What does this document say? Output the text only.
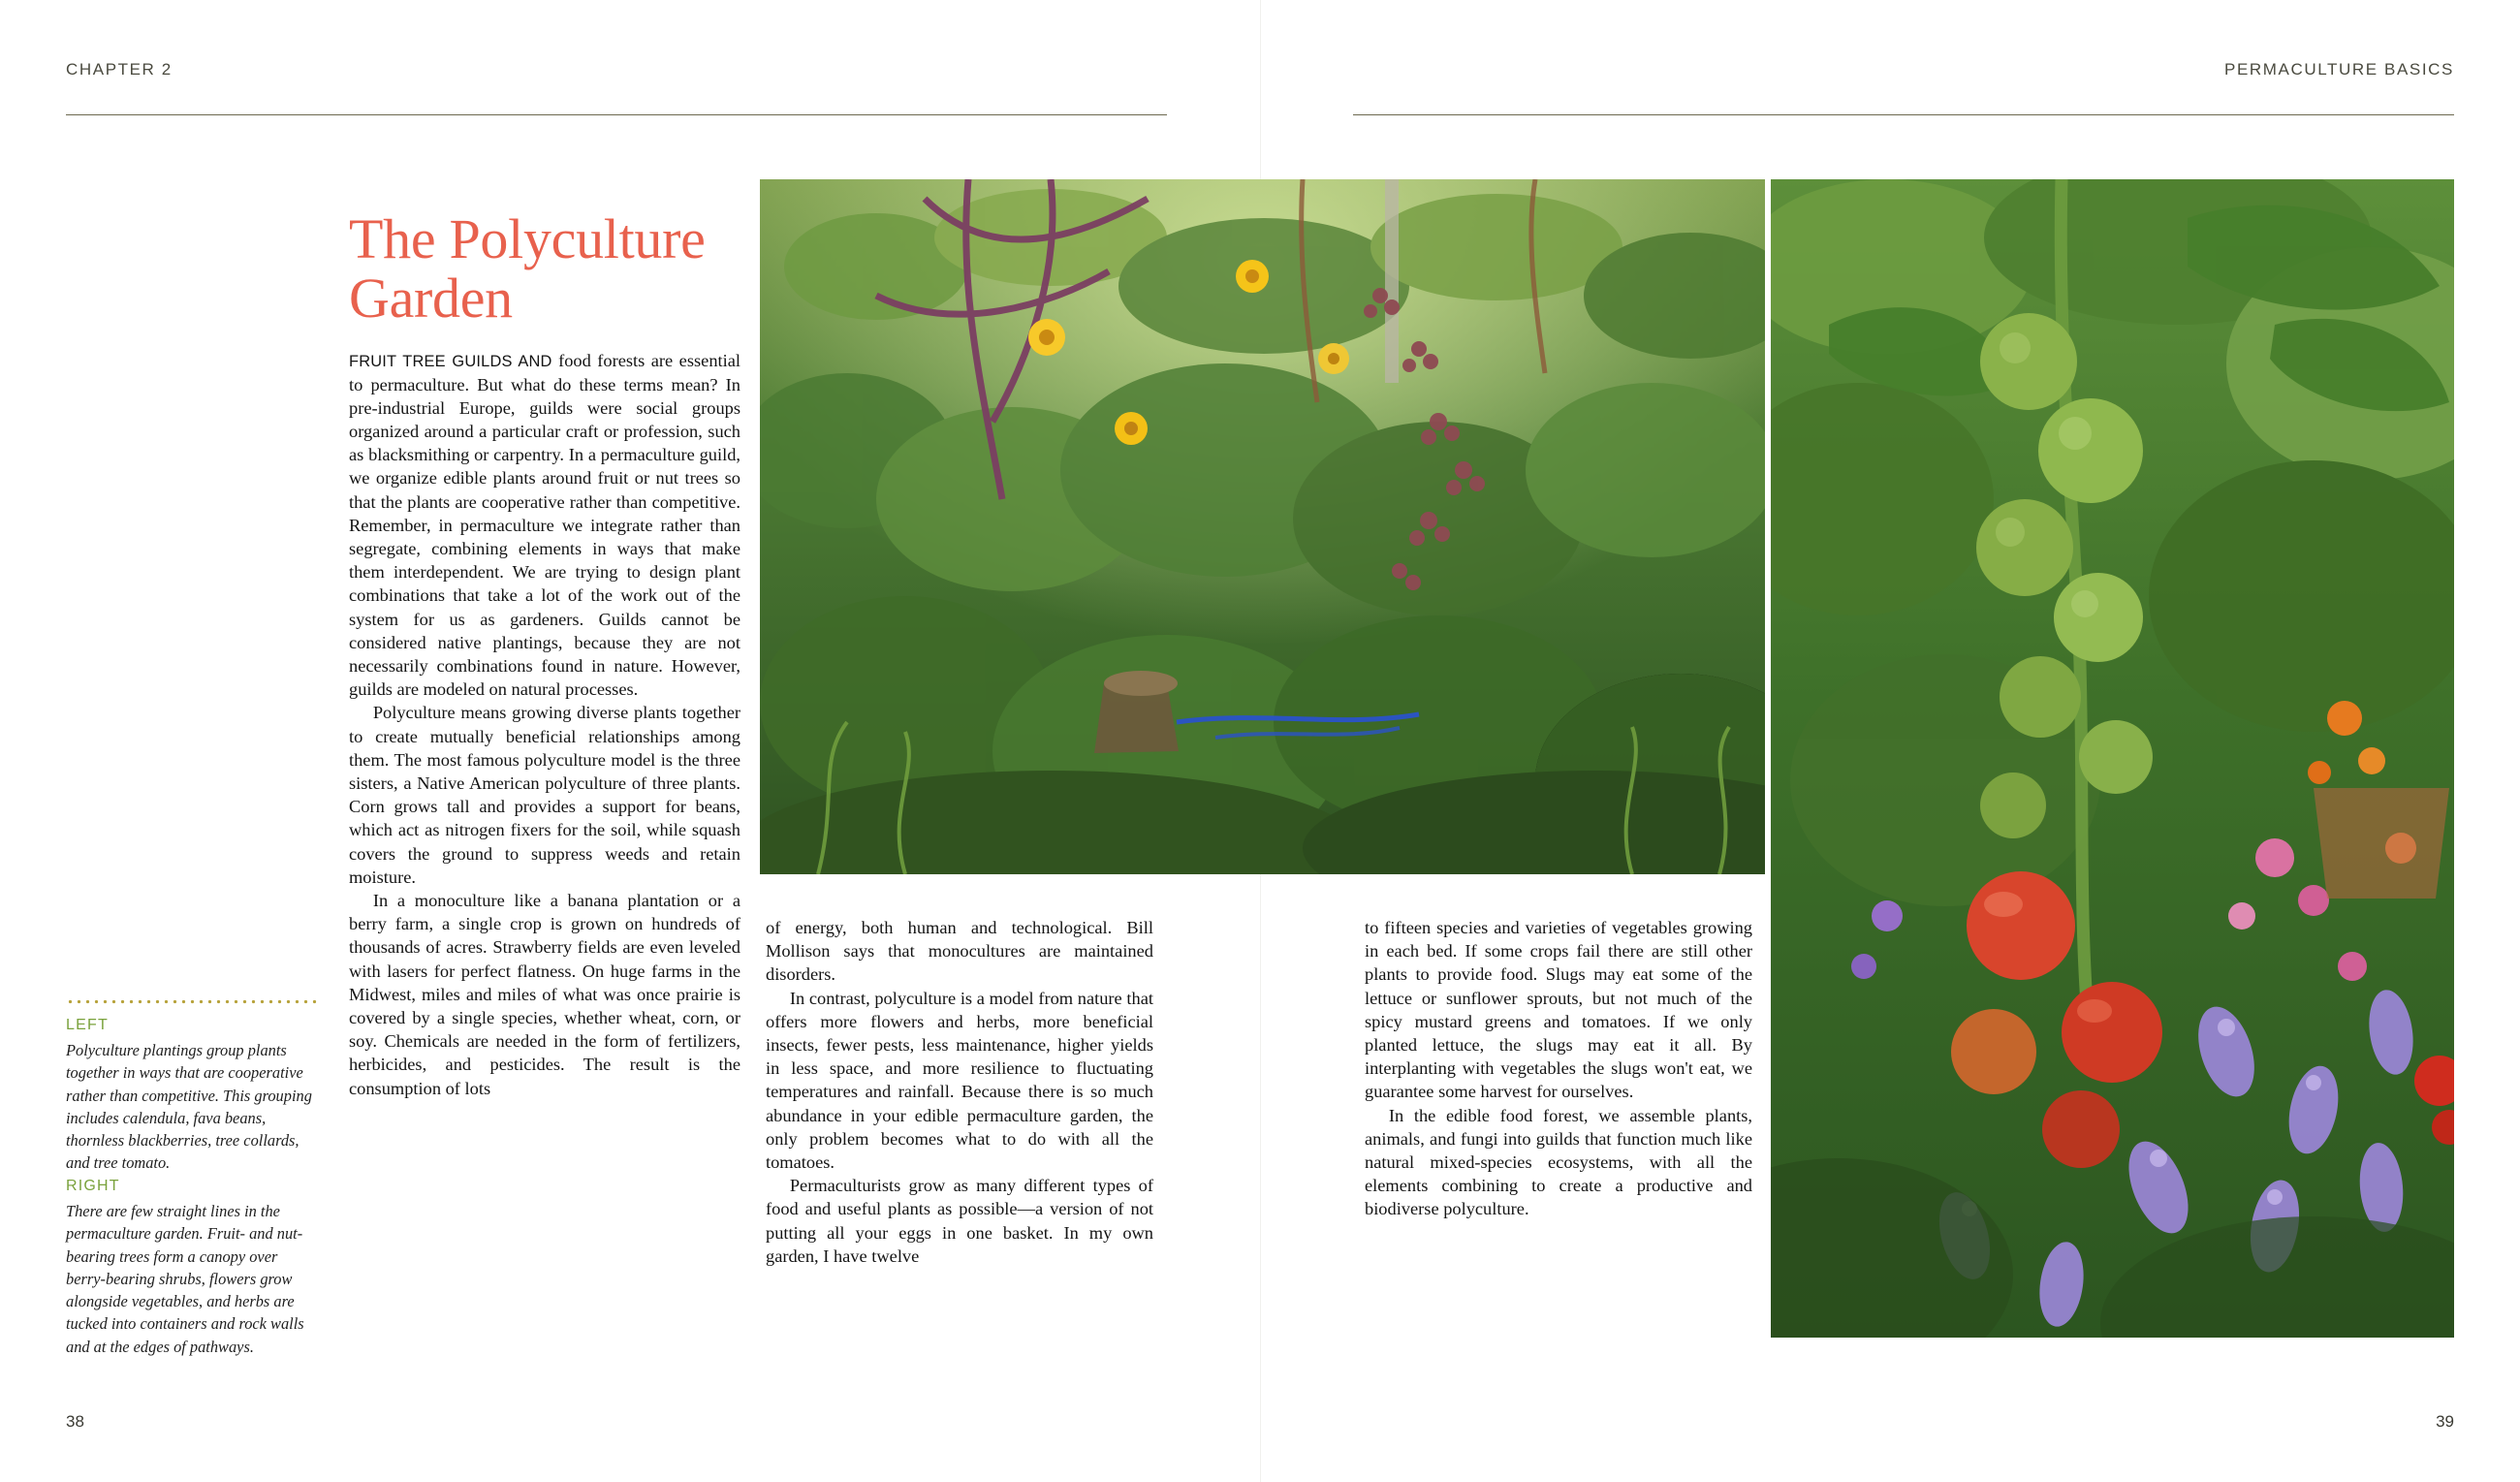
CHAPTER 2	PERMACULTURE BASICS
The Polyculture Garden

FRUIT TREE GUILDS AND food forests are essential to permaculture. But what do these terms mean? In pre-industrial Europe, guilds were social groups organized around a particular craft or profession, such as blacksmithing or carpentry. In a permaculture guild, we organize edible plants around fruit or nut trees so that the plants are cooperative rather than competitive. Remember, in permaculture we integrate rather than segregate, combining elements in ways that make them interdependent. We are trying to design plant combinations that take a lot of the work out of the system for us as gardeners. Guilds cannot be considered native plantings, because they are not necessarily combinations found in nature. However, guilds are modeled on natural processes.

Polyculture means growing diverse plants together to create mutually beneficial relationships among them. The most famous polyculture model is the three sisters, a Native American polyculture of three plants. Corn grows tall and provides a support for beans, which act as nitrogen fixers for the soil, while squash covers the ground to suppress weeds and retain moisture.

In a monoculture like a banana plantation or a berry farm, a single crop is grown on hundreds of thousands of acres. Strawberry fields are even leveled with lasers for perfect flatness. On huge farms in the Midwest, miles and miles of what was once prairie is covered by a single species, whether wheat, corn, or soy. Chemicals are needed in the form of fertilizers, herbicides, and pesticides. The result is the consumption of lots

of energy, both human and technological. Bill Mollison says that monocultures are maintained disorders.

In contrast, polyculture is a model from nature that offers more flowers and herbs, more beneficial insects, fewer pests, less maintenance, higher yields in less space, and more resilience to fluctuating temperatures and rainfall. Because there is so much abundance in your edible permaculture garden, the only problem becomes what to do with all the tomatoes.

Permaculturists grow as many different types of food and useful plants as possible—a version of not putting all your eggs in one basket. In my own garden, I have twelve

to fifteen species and varieties of vegetables growing in each bed. If some crops fail there are still other plants to provide food. Slugs may eat some of the lettuce or sunflower sprouts, but not much of the spicy mustard greens and tomatoes. If we only planted lettuce, the slugs may eat it all. By interplanting with vegetables the slugs won't eat, we guarantee some harvest for ourselves.

In the edible food forest, we assemble plants, animals, and fungi into guilds that function much like natural mixed-species ecosystems, with all the elements combining to create a productive and biodiverse polyculture.

LEFT
Polyculture plantings group plants together in ways that are cooperative rather than competitive. This grouping includes calendula, fava beans, thornless blackberries, tree collards, and tree tomato.
RIGHT
There are few straight lines in the permaculture garden. Fruit- and nut-bearing trees form a canopy over berry-bearing shrubs, flowers grow alongside vegetables, and herbs are tucked into containers and rock walls and at the edges of pathways.
38	39
